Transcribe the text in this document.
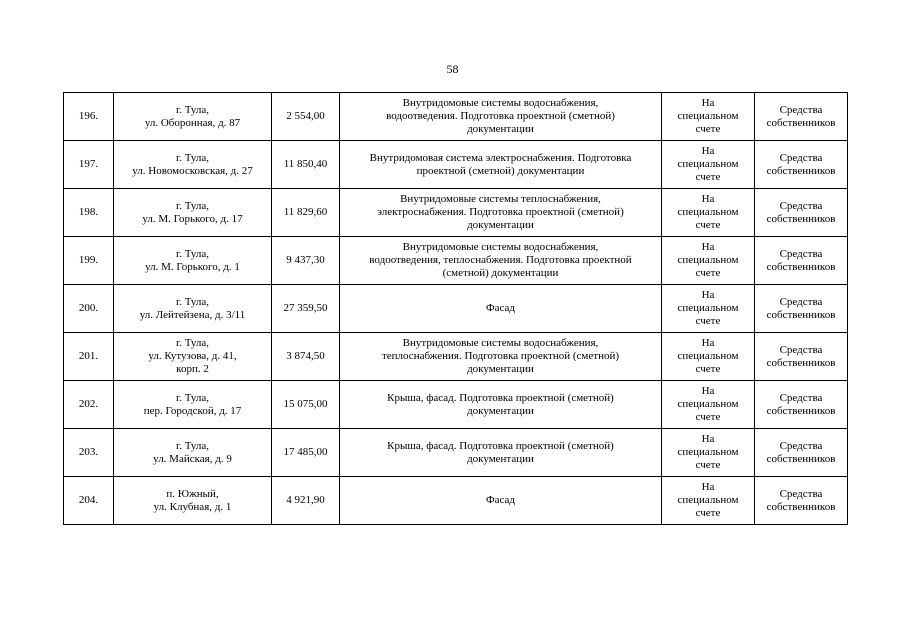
58
196.	г. Тула,
ул. Оборонная, д. 87	2 554,00	Внутридомовые системы водоснабжения,
водоотведения. Подготовка проектной (сметной)
документации	На
специальном
счете	Средства
собственников

197.	г. Тула,
ул. Новомосковская, д. 27	11 850,40	Внутридомовая система электроснабжения. Подготовка
проектной (сметной) документации	На
специальном
счете	Средства
собственников

198.	г. Тула,
ул. М. Горького, д. 17	11 829,60	Внутридомовые системы теплоснабжения,
электроснабжения. Подготовка проектной (сметной)
документации	На
специальном
счете	Средства
собственников

199.	г. Тула,
ул. М. Горького, д. 1	9 437,30	Внутридомовые системы водоснабжения,
водоотведения, теплоснабжения. Подготовка проектной
(сметной) документации	На
специальном
счете	Средства
собственников

200.	г. Тула,
ул. Лейтейзена, д. 3/11	27 359,50	Фасад	На
специальном
счете	Средства
собственников

201.	г. Тула,
ул. Кутузова, д. 41,
корп. 2	3 874,50	Внутридомовые системы водоснабжения,
теплоснабжения. Подготовка проектной (сметной)
документации	На
специальном
счете	Средства
собственников

202.	г. Тула,
пер. Городской, д. 17	15 075,00	Крыша, фасад. Подготовка проектной (сметной)
документации	На
специальном
счете	Средства
собственников

203.	г. Тула,
ул. Майская, д. 9	17 485,00	Крыша, фасад. Подготовка проектной (сметной)
документации	На
специальном
счете	Средства
собственников

204.	п. Южный,
ул. Клубная, д. 1	4 921,90	Фасад	На
специальном
счете	Средства
собственников
